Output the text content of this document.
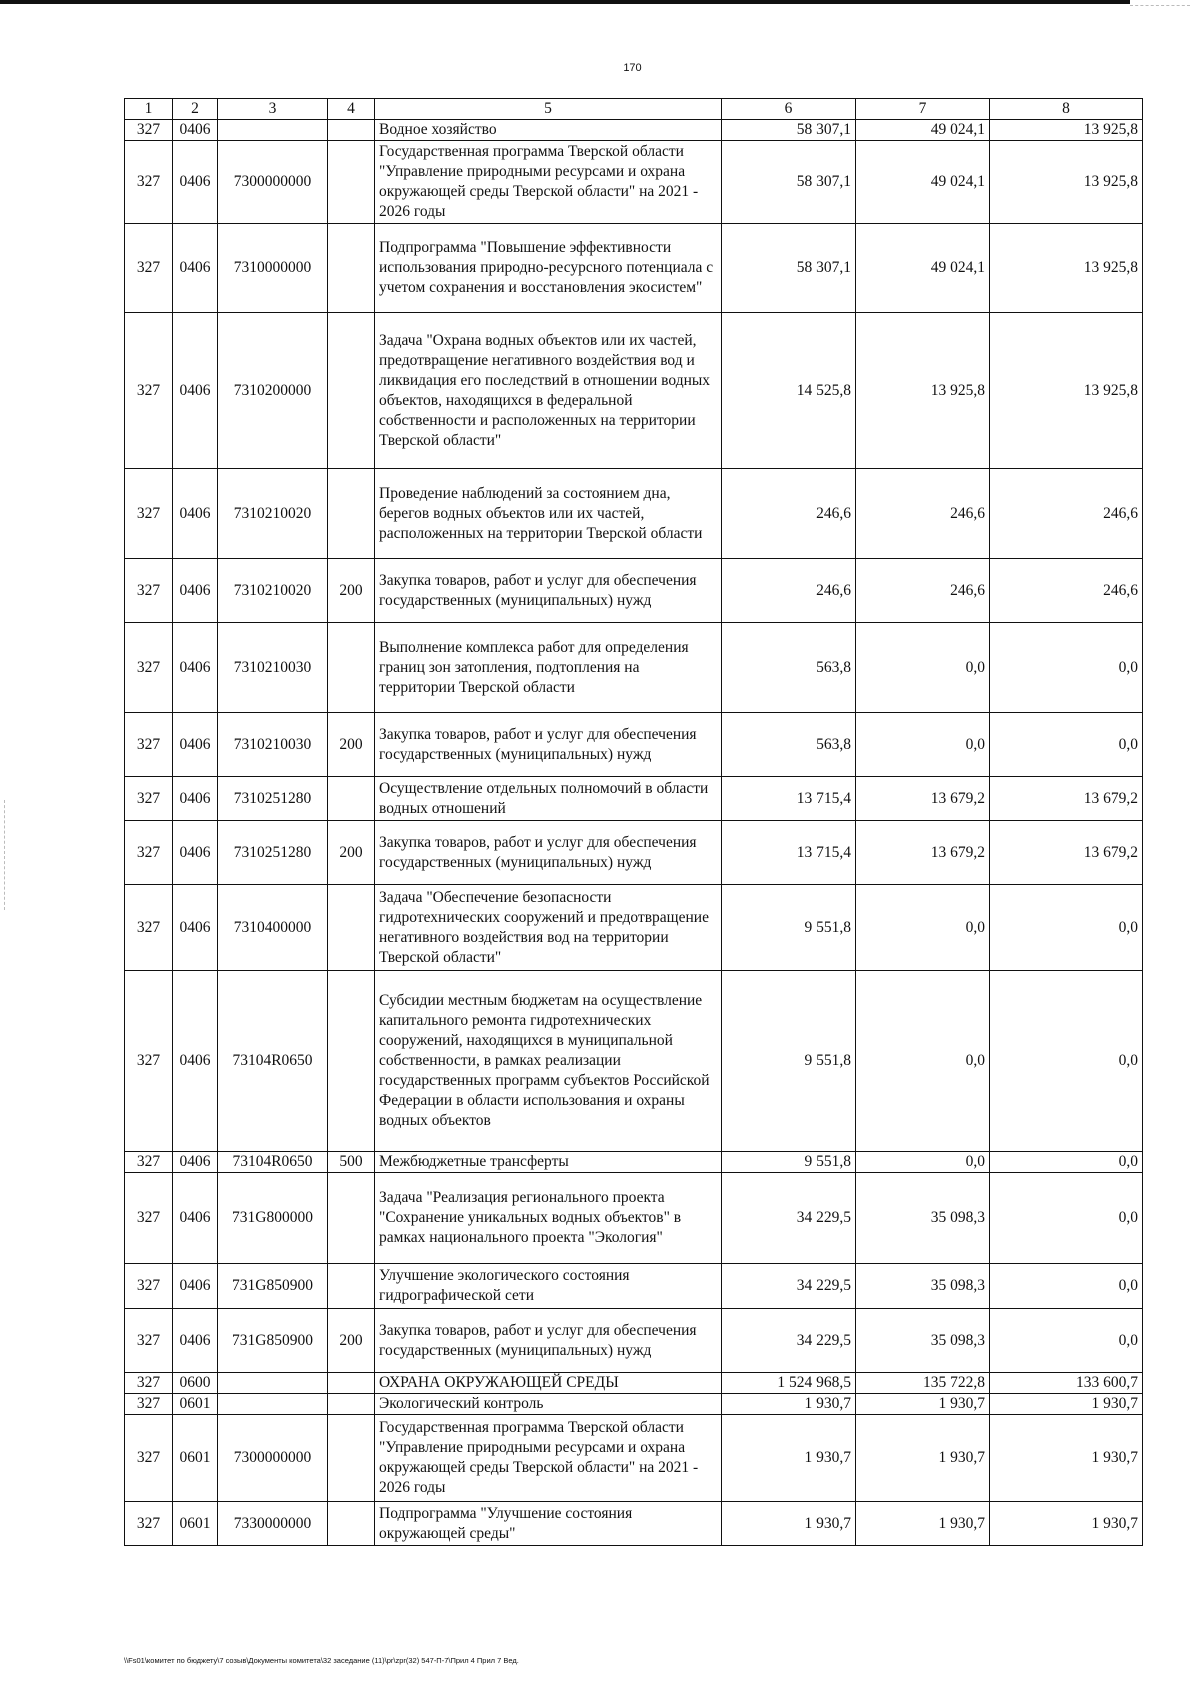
170
1	2	3	4	5	6	7	8
327	0406			Водное хозяйство	58 307,1	49 024,1	13 925,8
327	0406	7300000000		Государственная программа Тверской области "Управление природными ресурсами и охрана окружающей среды Тверской области" на 2021 - 2026 годы	58 307,1	49 024,1	13 925,8
327	0406	7310000000		Подпрограмма "Повышение эффективности использования природно-ресурсного потенциала с учетом сохранения и восстановления экосистем"	58 307,1	49 024,1	13 925,8
327	0406	7310200000		Задача "Охрана водных объектов или их частей, предотвращение негативного воздействия вод и ликвидация его последствий в отношении водных объектов, находящихся в федеральной собственности и расположенных на территории Тверской области"	14 525,8	13 925,8	13 925,8
327	0406	7310210020		Проведение наблюдений за состоянием дна, берегов водных объектов или их частей, расположенных на территории Тверской области	246,6	246,6	246,6
327	0406	7310210020	200	Закупка товаров, работ и услуг для обеспечения государственных (муниципальных) нужд	246,6	246,6	246,6
327	0406	7310210030		Выполнение комплекса работ для определения границ зон затопления, подтопления на территории Тверской области	563,8	0,0	0,0
327	0406	7310210030	200	Закупка товаров, работ и услуг для обеспечения государственных (муниципальных) нужд	563,8	0,0	0,0
327	0406	7310251280		Осуществление отдельных полномочий в области водных отношений	13 715,4	13 679,2	13 679,2
327	0406	7310251280	200	Закупка товаров, работ и услуг для обеспечения государственных (муниципальных) нужд	13 715,4	13 679,2	13 679,2
327	0406	7310400000		Задача "Обеспечение безопасности гидротехнических сооружений и предотвращение негативного воздействия вод на территории Тверской области"	9 551,8	0,0	0,0
327	0406	73104R0650		Субсидии местным бюджетам на осуществление капитального ремонта гидротехнических сооружений, находящихся в муниципальной собственности, в рамках реализации государственных программ субъектов Российской Федерации в области использования и охраны водных объектов	9 551,8	0,0	0,0
327	0406	73104R0650	500	Межбюджетные трансферты	9 551,8	0,0	0,0
327	0406	731G800000		Задача "Реализация регионального проекта "Сохранение уникальных водных объектов" в рамках национального проекта "Экология"	34 229,5	35 098,3	0,0
327	0406	731G850900		Улучшение экологического состояния гидрографической сети	34 229,5	35 098,3	0,0
327	0406	731G850900	200	Закупка товаров, работ и услуг для обеспечения государственных (муниципальных) нужд	34 229,5	35 098,3	0,0
327	0600			ОХРАНА ОКРУЖАЮЩЕЙ СРЕДЫ	1 524 968,5	135 722,8	133 600,7
327	0601			Экологический контроль	1 930,7	1 930,7	1 930,7
327	0601	7300000000		Государственная программа Тверской области "Управление природными ресурсами и охрана окружающей среды Тверской области" на 2021 - 2026 годы	1 930,7	1 930,7	1 930,7
327	0601	7330000000		Подпрограмма "Улучшение состояния окружающей среды"	1 930,7	1 930,7	1 930,7
\\Fs01\комитет по бюджету\7 созыв\Документы комитета\32 заседание (11)\pr\zpr(32) 547-П-7\Прил 4 Прил 7 Вед.
